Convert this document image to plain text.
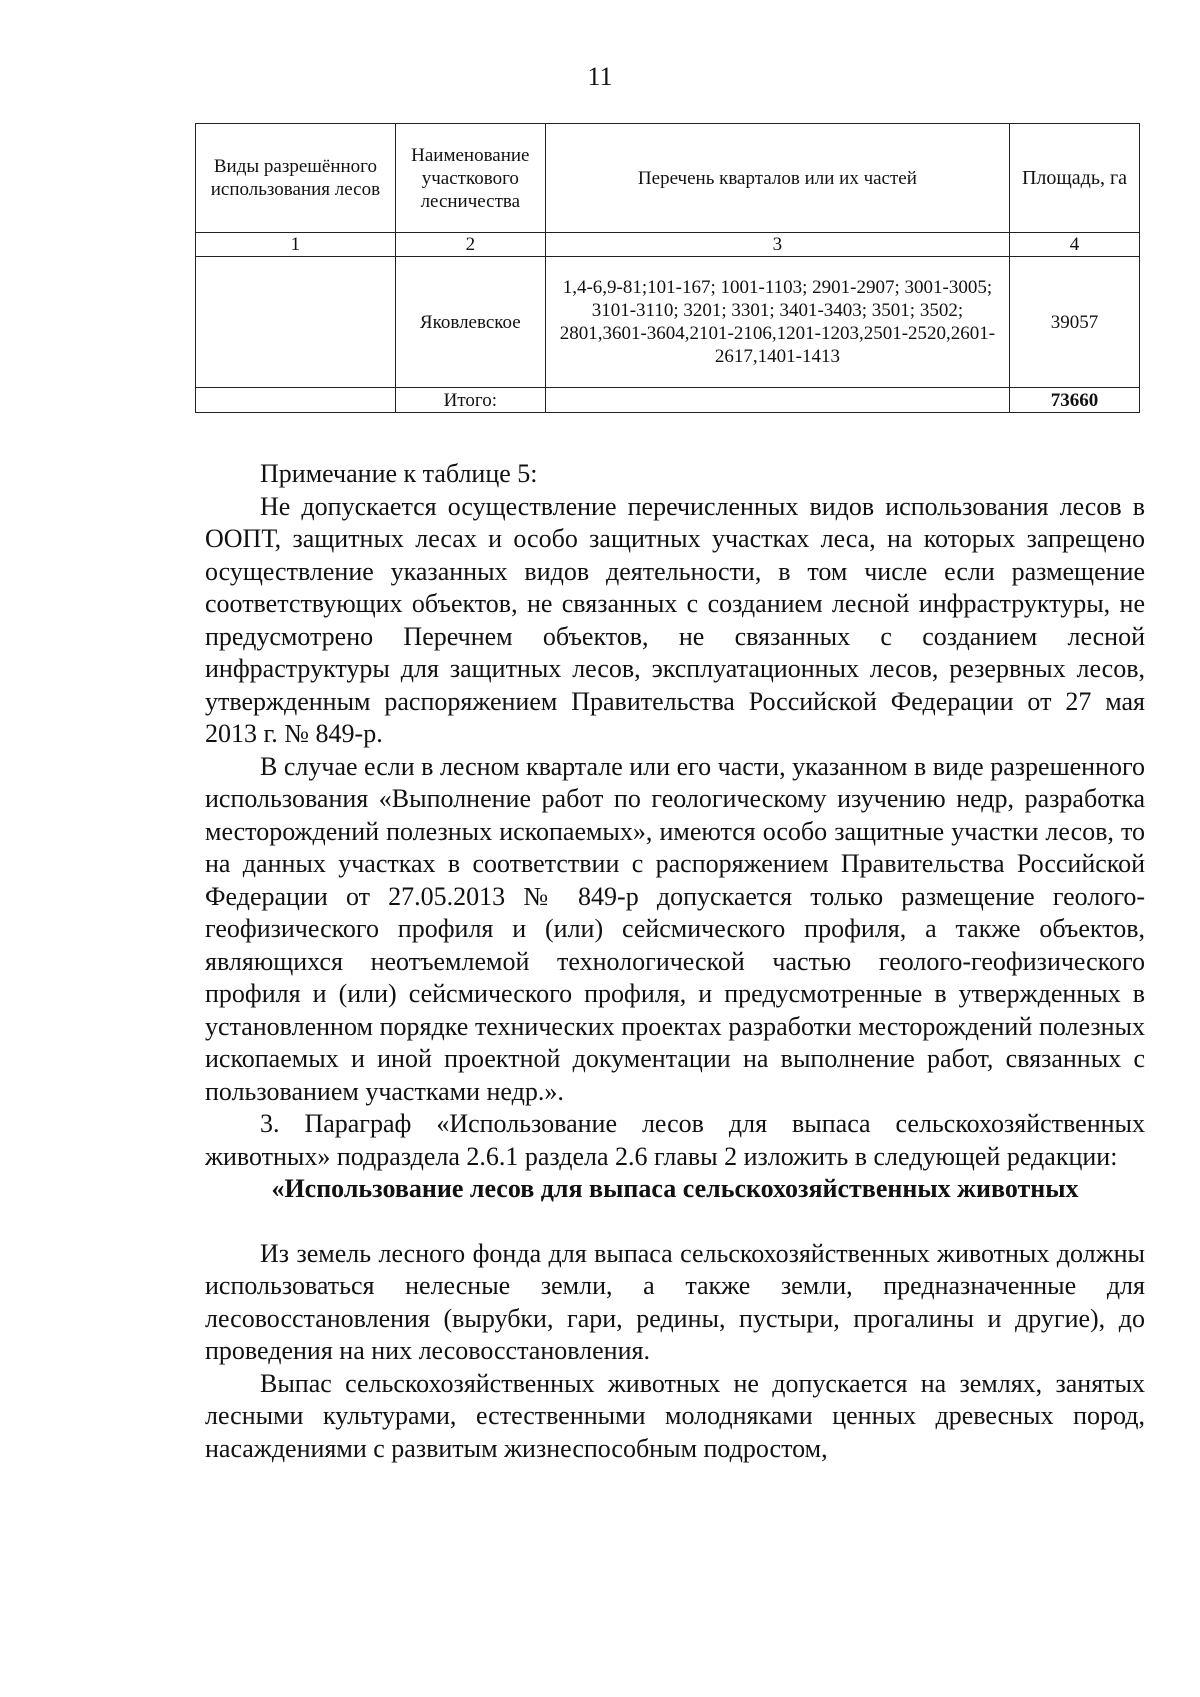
11
Виды разрешённого использования лесов	Наименование участкового лесничества	Перечень кварталов или их частей	Площадь, га
1	2	3	4
	Яковлевское	1,4-6,9-81;101-167; 1001-1103; 2901-2907; 3001-3005; 3101-3110; 3201; 3301; 3401-3403; 3501; 3502; 2801,3601-3604,2101-2106,1201-1203,2501-2520,2601-2617,1401-1413	39057
	Итого:		73660

Примечание к таблице 5:

Не допускается осуществление перечисленных видов использования лесов в ООПТ, защитных лесах и особо защитных участках леса, на которых запрещено осуществление указанных видов деятельности, в том числе если размещение соответствующих объектов, не связанных с созданием лесной инфраструктуры, не предусмотрено Перечнем объектов, не связанных с созданием лесной инфраструктуры для защитных лесов, эксплуатационных лесов, резервных лесов, утвержденным распоряжением Правительства Российской Федерации от 27 мая 2013 г. № 849-р.

В случае если в лесном квартале или его части, указанном в виде разрешенного использования «Выполнение работ по геологическому изучению недр, разработка месторождений полезных ископаемых», имеются особо защитные участки лесов, то на данных участках в соответствии с распоряжением Правительства Российской Федерации от 27.05.2013 № 849-р допускается только размещение геолого-геофизического профиля и (или) сейсмического профиля, а также объектов, являющихся неотъемлемой технологической частью геолого-геофизического профиля и (или) сейсмического профиля, и предусмотренные в утвержденных в установленном порядке технических проектах разработки месторождений полезных ископаемых и иной проектной документации на выполнение работ, связанных с пользованием участками недр.».

3. Параграф «Использование лесов для выпаса сельскохозяйственных животных» подраздела 2.6.1 раздела 2.6 главы 2 изложить в следующей редакции:

«Использование лесов для выпаса сельскохозяйственных животных

Из земель лесного фонда для выпаса сельскохозяйственных животных должны использоваться нелесные земли, а также земли, предназначенные для лесовосстановления (вырубки, гари, редины, пустыри, прогалины и другие), до проведения на них лесовосстановления.

Выпас сельскохозяйственных животных не допускается на землях, занятых лесными культурами, естественными молодняками ценных древесных пород, насаждениями с развитым жизнеспособным подростом,
